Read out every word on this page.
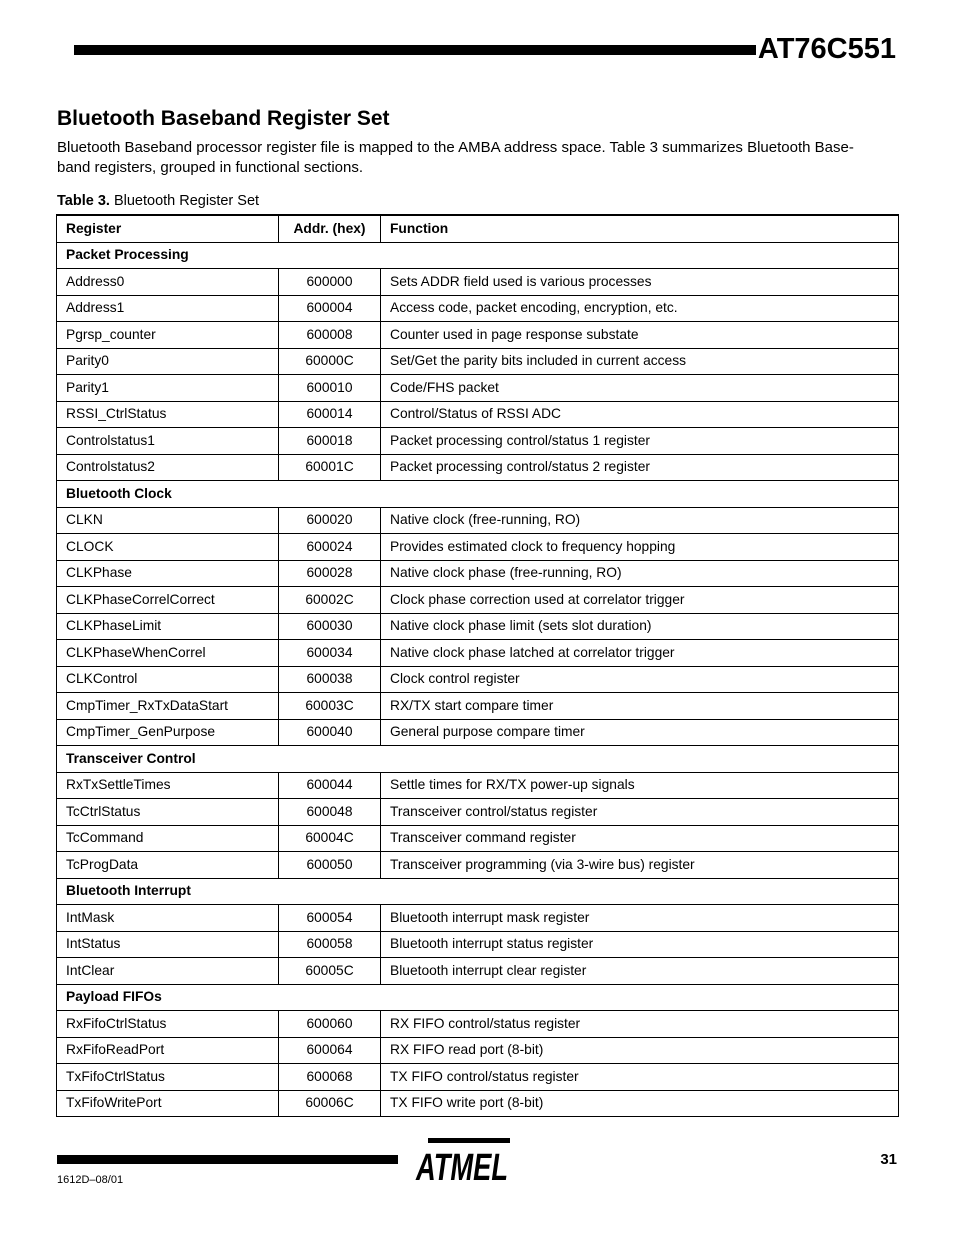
AT76C551
Bluetooth Baseband Register Set
Bluetooth Baseband processor register file is mapped to the AMBA address space. Table 3 summarizes Bluetooth Base-
band registers, grouped in functional sections.
Table 3. Bluetooth Register Set
Register	Addr. (hex)	Function
Packet Processing		
Address0	600000	Sets ADDR field used is various processes
Address1	600004	Access code, packet encoding, encryption, etc.
Pgrsp_counter	600008	Counter used in page response substate
Parity0	60000C	Set/Get the parity bits included in current access
Parity1	600010	Code/FHS packet
RSSI_CtrlStatus	600014	Control/Status of RSSI ADC
Controlstatus1	600018	Packet processing control/status 1 register
Controlstatus2	60001C	Packet processing control/status 2 register
Bluetooth Clock		
CLKN	600020	Native clock (free-running, RO)
CLOCK	600024	Provides estimated clock to frequency hopping
CLKPhase	600028	Native clock phase (free-running, RO)
CLKPhaseCorrelCorrect	60002C	Clock phase correction used at correlator trigger
CLKPhaseLimit	600030	Native clock phase limit (sets slot duration)
CLKPhaseWhenCorrel	600034	Native clock phase latched at correlator trigger
CLKControl	600038	Clock control register
CmpTimer_RxTxDataStart	60003C	RX/TX start compare timer
CmpTimer_GenPurpose	600040	General purpose compare timer
Transceiver Control		
RxTxSettleTimes	600044	Settle times for RX/TX power-up signals
TcCtrlStatus	600048	Transceiver control/status register
TcCommand	60004C	Transceiver command register
TcProgData	600050	Transceiver programming (via 3-wire bus) register
Bluetooth Interrupt		
IntMask	600054	Bluetooth interrupt mask register
IntStatus	600058	Bluetooth interrupt status register
IntClear	60005C	Bluetooth interrupt clear register
Payload FIFOs		
RxFifoCtrlStatus	600060	RX FIFO control/status register
RxFifoReadPort	600064	RX FIFO read port (8-bit)
TxFifoCtrlStatus	600068	TX FIFO control/status register
TxFifoWritePort	60006C	TX FIFO write port (8-bit)
ATMEL	31
1612D–08/01
